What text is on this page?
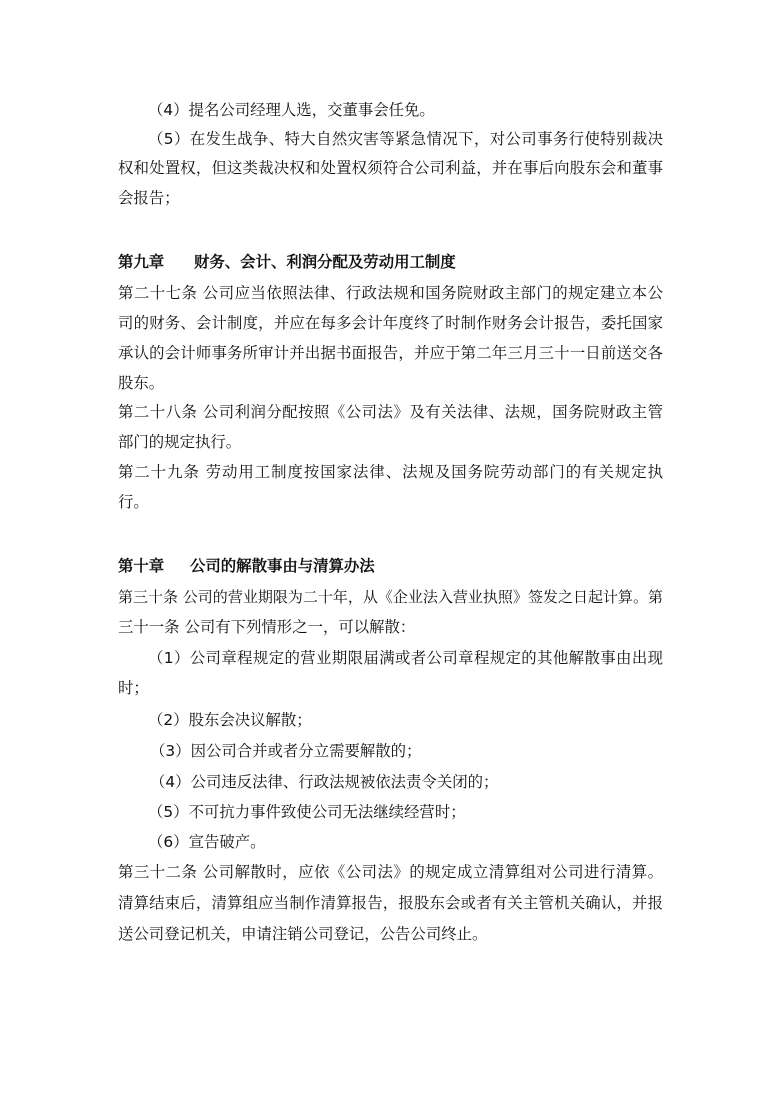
（4）提名公司经理人选，交董事会任免。
（5）在发生战争、特大自然灾害等紧急情况下，对公司事务行使特别裁决
权和处置权，但这类裁决权和处置权须符合公司利益，并在事后向股东会和董事
会报告；
第九章 财务、会计、利润分配及劳动用工制度
第二十七条 公司应当依照法律、行政法规和国务院财政主部门的规定建立本公
司的财务、会计制度，并应在每多会计年度终了时制作财务会计报告，委托国家
承认的会计师事务所审计并出据书面报告，并应于第二年三月三十一日前送交各
股东。
第二十八条 公司利润分配按照《公司法》及有关法律、法规，国务院财政主管
部门的规定执行。
第二十九条 劳动用工制度按国家法律、法规及国务院劳动部门的有关规定执
行。
第十章 公司的解散事由与清算办法
第三十条 公司的营业期限为二十年，从《企业法入营业执照》签发之日起计算。第
三十一条 公司有下列情形之一，可以解散：
（1）公司章程规定的营业期限届满或者公司章程规定的其他解散事由出现
时；
（2）股东会决议解散；
（3）因公司合并或者分立需要解散的；
（4）公司违反法律、行政法规被依法责令关闭的；
（5）不可抗力事件致使公司无法继续经营时；
（6）宣告破产。
第三十二条 公司解散时，应依《公司法》的规定成立清算组对公司进行清算。
清算结束后，清算组应当制作清算报告，报股东会或者有关主管机关确认，并报
送公司登记机关，申请注销公司登记，公告公司终止。
